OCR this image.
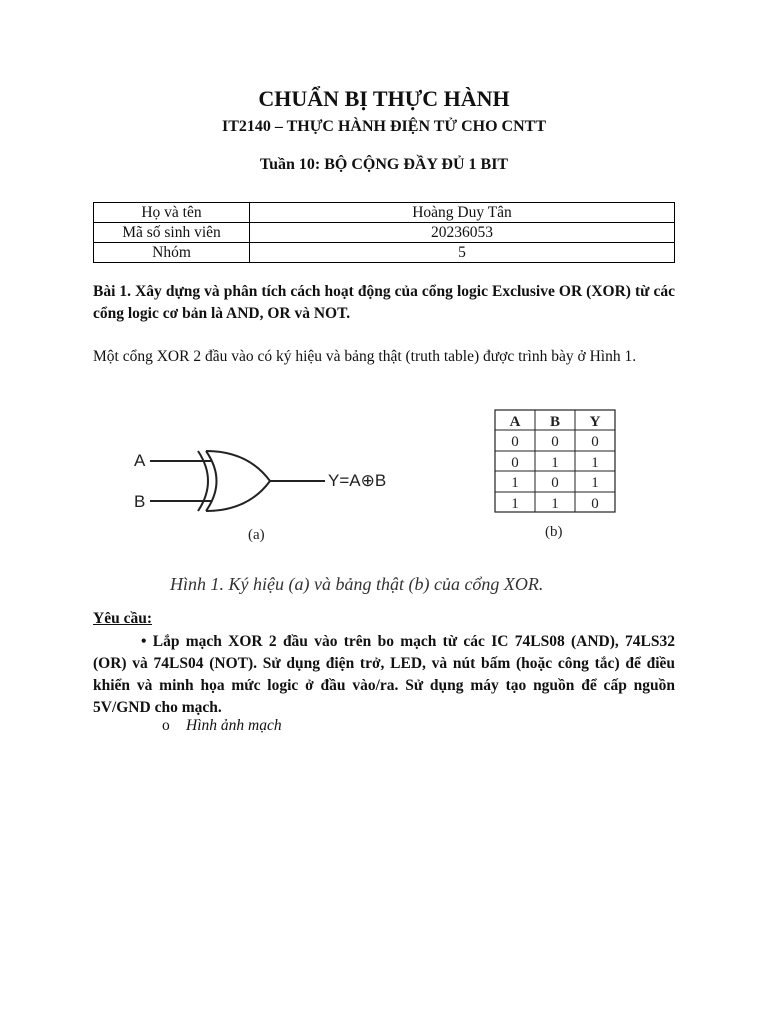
CHUẨN BỊ THỰC HÀNH
IT2140 – THỰC HÀNH ĐIỆN TỬ CHO CNTT
Tuần 10: BỘ CỘNG ĐẦY ĐỦ 1 BIT
Họ và tên	Hoàng Duy Tân
Mã số sinh viên	20236053
Nhóm	5
Bài 1. Xây dựng và phân tích cách hoạt động của cổng logic Exclusive OR (XOR) từ các cổng logic cơ bản là AND, OR và NOT.
Một cổng XOR 2 đầu vào có ký hiệu và bảng thật (truth table) được trình bày ở Hình 1.
A
B
Y=A⊕B
(a)
A B Y
0 0 0
0 1 1
1 0 1
1 1 0
(b)
Hình 1. Ký hiệu (a) và bảng thật (b) của cổng XOR.
Yêu cầu:
• Lắp mạch XOR 2 đầu vào trên bo mạch từ các IC 74LS08 (AND), 74LS32 (OR) và 74LS04 (NOT). Sử dụng điện trở, LED, và nút bấm (hoặc công tắc) để điều khiển và minh họa mức logic ở đầu vào/ra. Sử dụng máy tạo nguồn để cấp nguồn 5V/GND cho mạch.
o Hình ảnh mạch
